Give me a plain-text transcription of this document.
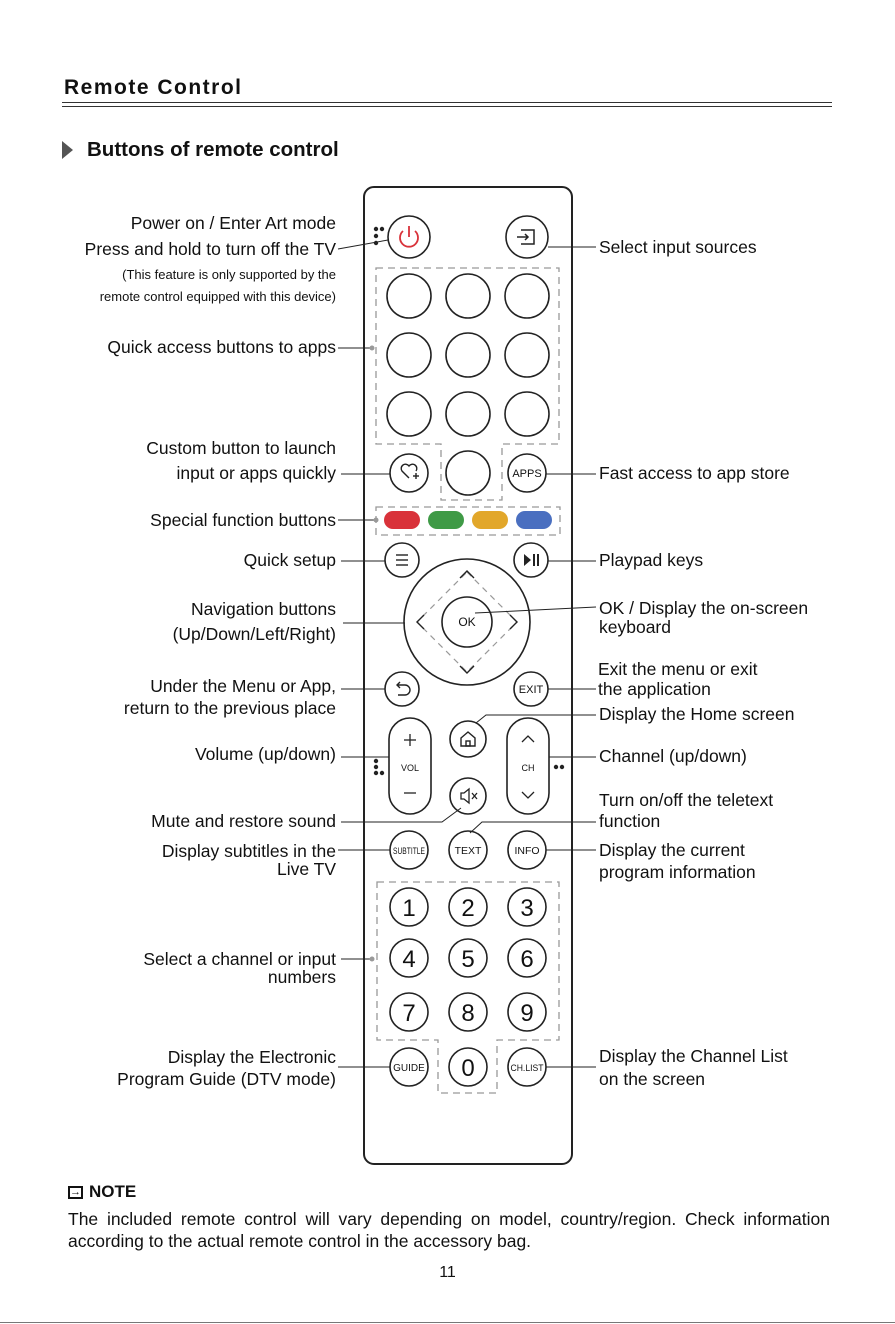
Remote Control
Buttons of remote control
APPS
OK
EXIT
VOL	CH
SUBTITLE	TEXT	INFO
1 2 3
4 5 6
7 8 9
0
GUIDE	CH.LIST
Power on / Enter Art mode
Press and hold to turn off the TV
(This feature is only supported by the
remote control equipped with this device)
Quick access buttons to apps
Custom button to launch
input or apps quickly
Special function buttons
Quick setup
Navigation buttons
(Up/Down/Left/Right)
Under the Menu or App,
return to the previous place
Volume (up/down)
Mute and restore sound
Display subtitles in the
Live TV
Select a channel or input
numbers
Display the Electronic
Program Guide (DTV mode)
Select input sources
Fast access to app store
Playpad keys
OK / Display the on-screen
keyboard
Exit the menu or exit
the application
Display the Home screen
Channel (up/down)
Turn on/off the teletext
function
Display the current
program information
Display the Channel List
on the screen
→ NOTE
The included remote control will vary depending on model, country/region. Check information according to the actual remote control in the accessory bag.
11
